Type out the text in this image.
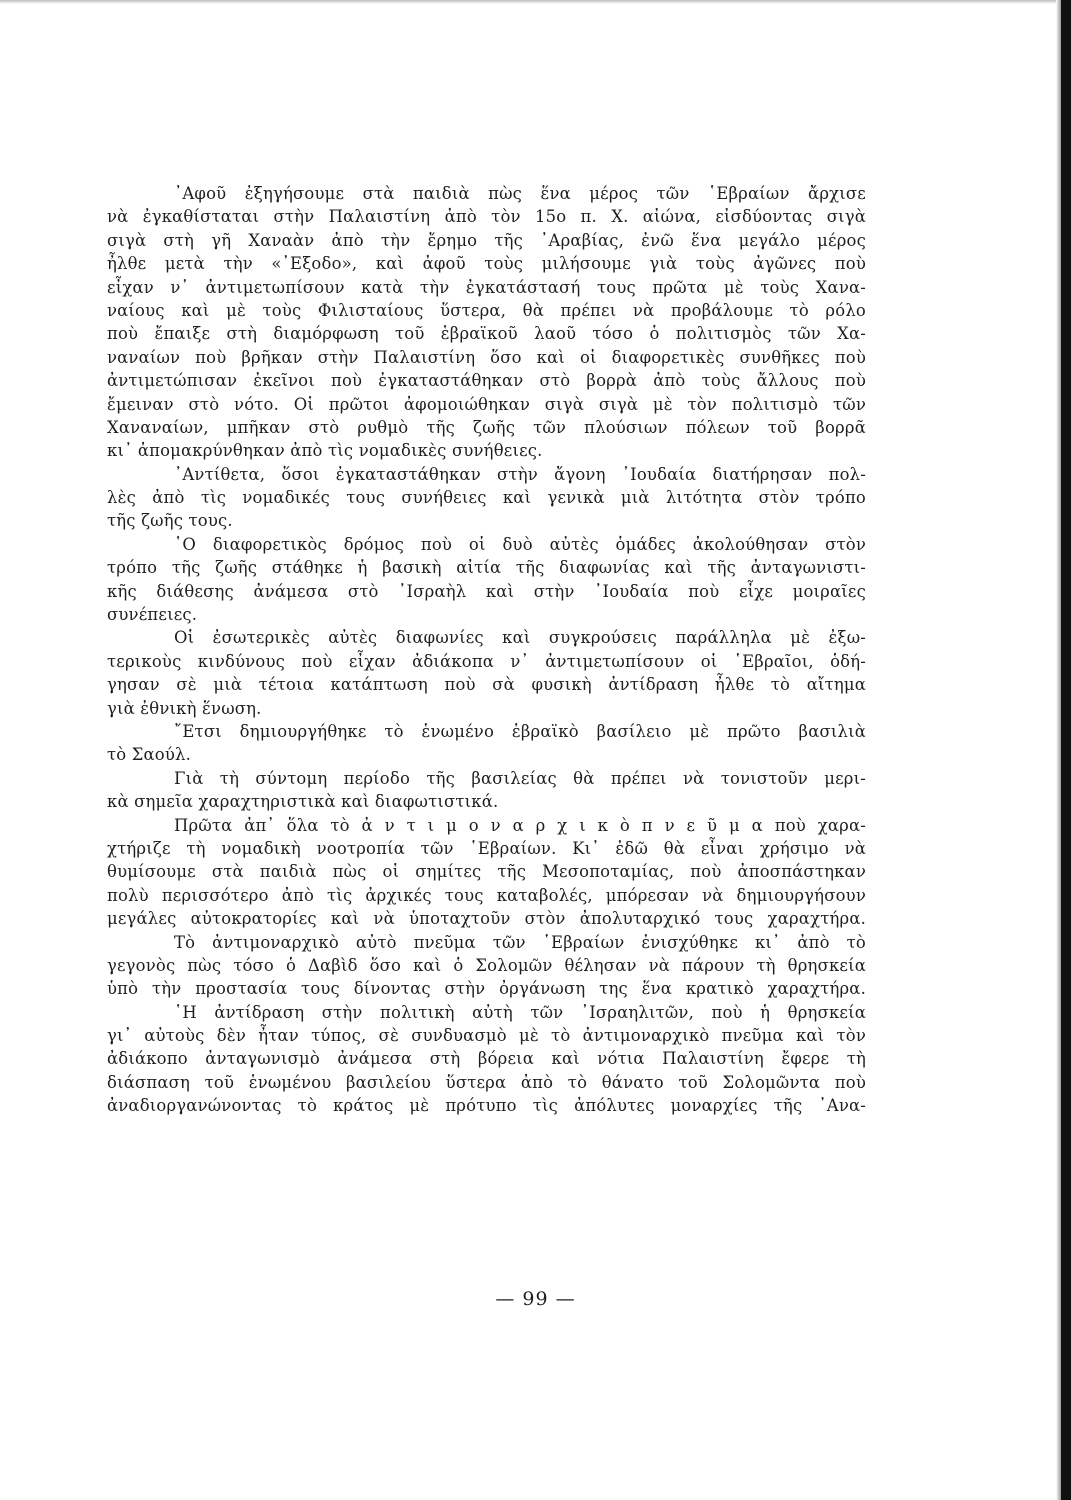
᾽Αφοῦ ἐξηγήσουμε στὰ παιδιὰ πὼς ἕνα μέρος τῶν ῾Εβραίων ἄρχισε
νὰ ἐγκαθίσταται στὴν Παλαιστίνη ἀπὸ τὸν 15ο π. Χ. αἰώνα, εἰσδύοντας σιγὰ
σιγὰ στὴ γῆ Χαναὰν ἀπὸ τὴν ἔρημο τῆς ᾽Αραβίας, ἐνῶ ἕνα μεγάλο μέρος
ἦλθε μετὰ τὴν «᾽Εξοδο», καὶ ἀφοῦ τοὺς μιλήσουμε γιὰ τοὺς ἀγῶνες ποὺ
εἶχαν ν᾽ ἀντιμετωπίσουν κατὰ τὴν ἐγκατάστασή τους πρῶτα μὲ τοὺς Χανα-
ναίους καὶ μὲ τοὺς Φιλισταίους ὕστερα, θὰ πρέπει νὰ προβάλουμε τὸ ρόλο
ποὺ ἔπαιξε στὴ διαμόρφωση τοῦ ἑβραϊκοῦ λαοῦ τόσο ὁ πολιτισμὸς τῶν Χα-
ναναίων ποὺ βρῆκαν στὴν Παλαιστίνη ὅσο καὶ οἱ διαφορετικὲς συνθῆκες ποὺ
ἀντιμετώπισαν ἐκεῖνοι ποὺ ἐγκαταστάθηκαν στὸ βορρὰ ἀπὸ τοὺς ἄλλους ποὺ
ἔμειναν στὸ νότο. Οἱ πρῶτοι ἀφομοιώθηκαν σιγὰ σιγὰ μὲ τὸν πολιτισμὸ τῶν
Χαναναίων, μπῆκαν στὸ ρυθμὸ τῆς ζωῆς τῶν πλούσιων πόλεων τοῦ βορρᾶ
κι᾽ ἀπομακρύνθηκαν ἀπὸ τὶς νομαδικὲς συνήθειες.
᾽Αντίθετα, ὅσοι ἐγκαταστάθηκαν στὴν ἄγονη ᾽Ιουδαία διατήρησαν πολ-
λὲς ἀπὸ τὶς νομαδικές τους συνήθειες καὶ γενικὰ μιὰ λιτότητα στὸν τρόπο
τῆς ζωῆς τους.
῾Ο διαφορετικὸς δρόμος ποὺ οἱ δυὸ αὐτὲς ὁμάδες ἀκολούθησαν στὸν
τρόπο τῆς ζωῆς στάθηκε ἡ βασικὴ αἰτία τῆς διαφωνίας καὶ τῆς ἀνταγωνιστι-
κῆς διάθεσης ἀνάμεσα στὸ ᾽Ισραὴλ καὶ στὴν ᾽Ιουδαία ποὺ εἶχε μοιραῖες
συνέπειες.
Οἱ ἐσωτερικὲς αὐτὲς διαφωνίες καὶ συγκρούσεις παράλληλα μὲ ἐξω-
τερικοὺς κινδύνους ποὺ εἶχαν ἀδιάκοπα ν᾽ ἀντιμετωπίσουν οἱ ῾Εβραῖοι, ὁδή-
γησαν σὲ μιὰ τέτοια κατάπτωση ποὺ σὰ φυσικὴ ἀντίδραση ἦλθε τὸ αἴτημα
γιὰ ἐθνικὴ ἕνωση.
῎Ετσι δημιουργήθηκε τὸ ἑνωμένο ἑβραϊκὸ βασίλειο μὲ πρῶτο βασιλιὰ
τὸ Σαούλ.
Γιὰ τὴ σύντομη περίοδο τῆς βασιλείας θὰ πρέπει νὰ τονιστοῦν μερι-
κὰ σημεῖα χαραχτηριστικὰ καὶ διαφωτιστικά.
Πρῶτα ἀπ᾽ ὅλα τὸ ἀ ν τ ι μ ο ν α ρ χ ι κ ὸ π ν ε ῦ μ α ποὺ χαρα-
χτήριζε τὴ νομαδικὴ νοοτροπία τῶν ῾Εβραίων. Κι᾽ ἐδῶ θὰ εἶναι χρήσιμο νὰ
θυμίσουμε στὰ παιδιὰ πὼς οἱ σημίτες τῆς Μεσοποταμίας, ποὺ ἀποσπάστηκαν
πολὺ περισσότερο ἀπὸ τὶς ἀρχικές τους καταβολές, μπόρεσαν νὰ δημιουργήσουν
μεγάλες αὐτοκρατορίες καὶ νὰ ὑποταχτοῦν στὸν ἀπολυταρχικό τους χαραχτήρα.
Τὸ ἀντιμοναρχικὸ αὐτὸ πνεῦμα τῶν ῾Εβραίων ἐνισχύθηκε κι᾽ ἀπὸ τὸ
γεγονὸς πὼς τόσο ὁ Δαβὶδ ὅσο καὶ ὁ Σολομῶν θέλησαν νὰ πάρουν τὴ θρησκεία
ὑπὸ τὴν προστασία τους δίνοντας στὴν ὀργάνωση της ἕνα κρατικὸ χαραχτήρα.
῾Η ἀντίδραση στὴν πολιτικὴ αὐτὴ τῶν ᾽Ισραηλιτῶν, ποὺ ἡ θρησκεία
γι᾽ αὐτοὺς δὲν ἦταν τύπος, σὲ συνδυασμὸ μὲ τὸ ἀντιμοναρχικὸ πνεῦμα καὶ τὸν
ἀδιάκοπο ἀνταγωνισμὸ ἀνάμεσα στὴ βόρεια καὶ νότια Παλαιστίνη ἔφερε τὴ
διάσπαση τοῦ ἑνωμένου βασιλείου ὕστερα ἀπὸ τὸ θάνατο τοῦ Σολομῶντα ποὺ
ἀναδιοργανώνοντας τὸ κράτος μὲ πρότυπο τὶς ἀπόλυτες μοναρχίες τῆς ᾽Ανα-
— 99 —
